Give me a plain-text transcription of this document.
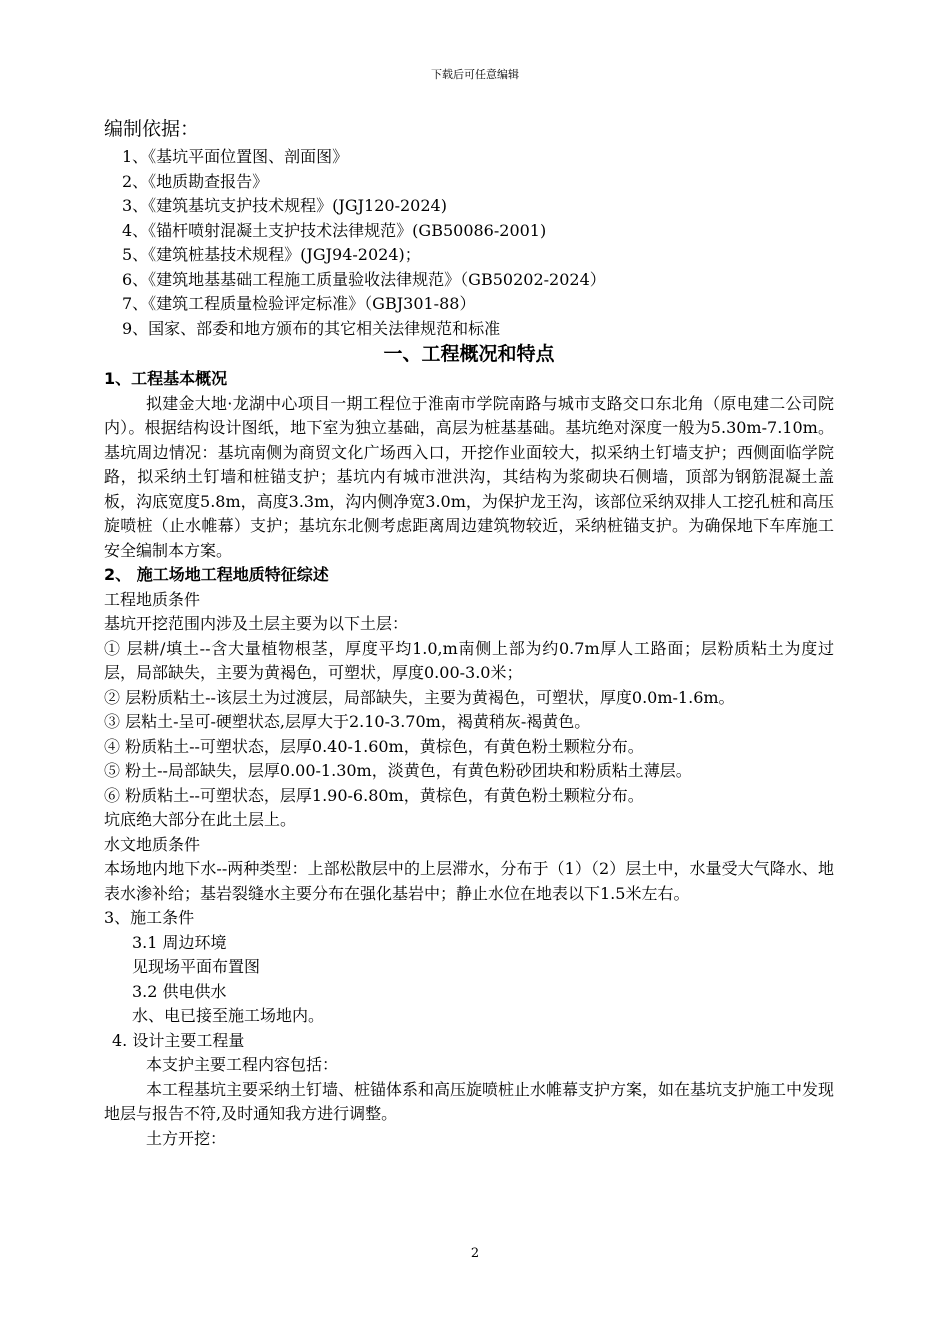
下载后可任意编辑
编制依据：
1、《基坑平面位置图、剖面图》
2、《地质勘查报告》
3、《建筑基坑支护技术规程》(JGJ120-2024)
4、《锚杆喷射混凝土支护技术法律规范》(GB50086-2001)
5、《建筑桩基技术规程》(JGJ94-2024)；
6、《建筑地基基础工程施工质量验收法律规范》（GB50202-2024）
7、《建筑工程质量检验评定标准》（GBJ301-88）
9、国家、部委和地方颁布的其它相关法律规范和标准
一、工程概况和特点
1、工程基本概况
拟建金大地·龙湖中心项目一期工程位于淮南市学院南路与城市支路交口东北角（原电建二公司院内）。根据结构设计图纸，地下室为独立基础，高层为桩基基础。基坑绝对深度一般为5.30m-7.10m。基坑周边情况：基坑南侧为商贸文化广场西入口，开挖作业面较大，拟采纳土钉墙支护；西侧面临学院路，拟采纳土钉墙和桩锚支护；基坑内有城市泄洪沟，其结构为浆砌块石侧墙，顶部为钢筋混凝土盖板，沟底宽度5.8m，高度3.3m，沟内侧净宽3.0m，为保护龙王沟，该部位采纳双排人工挖孔桩和高压旋喷桩（止水帷幕）支护；基坑东北侧考虑距离周边建筑物较近，采纳桩锚支护。为确保地下车库施工安全编制本方案。
2、 施工场地工程地质特征综述
工程地质条件
基坑开挖范围内涉及土层主要为以下土层：
① 层耕/填土--含大量植物根茎，厚度平均1.0,m南侧上部为约0.7m厚人工路面；层粉质粘土为度过层，局部缺失，主要为黄褐色，可塑状，厚度0.00-3.0米；
② 层粉质粘土--该层土为过渡层，局部缺失，主要为黄褐色，可塑状，厚度0.0m-1.6m。
③ 层粘土-呈可-硬塑状态,层厚大于2.10-3.70m，褐黄稍灰-褐黄色。
④ 粉质粘土--可塑状态，层厚0.40-1.60m，黄棕色，有黄色粉土颗粒分布。
⑤ 粉土--局部缺失，层厚0.00-1.30m，淡黄色，有黄色粉砂团块和粉质粘土薄层。
⑥ 粉质粘土--可塑状态，层厚1.90-6.80m，黄棕色，有黄色粉土颗粒分布。
坑底绝大部分在此土层上。
水文地质条件
本场地内地下水--两种类型：上部松散层中的上层滞水，分布于（1）（2）层土中，水量受大气降水、地表水渗补给；基岩裂缝水主要分布在强化基岩中；静止水位在地表以下1.5米左右。
3、施工条件
3.1 周边环境
见现场平面布置图
3.2 供电供水
水、电已接至施工场地内。
4. 设计主要工程量
本支护主要工程内容包括：
本工程基坑主要采纳土钉墙、桩锚体系和高压旋喷桩止水帷幕支护方案，如在基坑支护施工中发现地层与报告不符,及时通知我方进行调整。
土方开挖：
2
